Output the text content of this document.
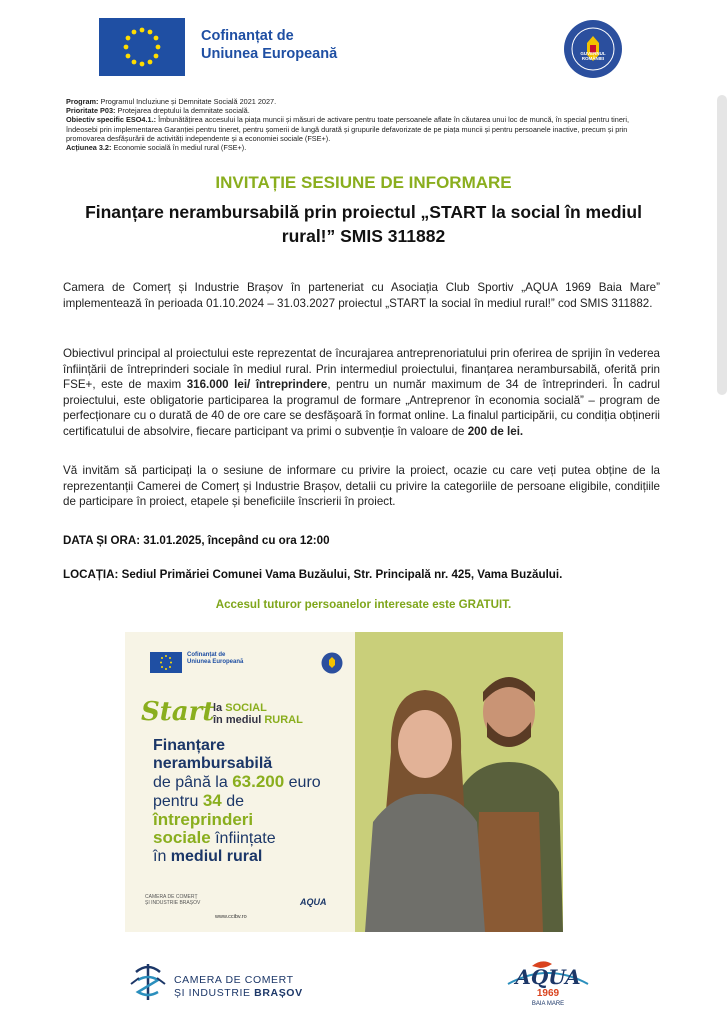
Cofinanțat de
Uniunea Europeană	GUVERNUL ROMÂNIEI
Program: Programul Incluziune și Demnitate Socială 2021 2027.
Prioritate P03: Protejarea dreptului la demnitate socială.
Obiectiv specific ESO4.1.: Îmbunătățirea accesului la piața muncii și măsuri de activare pentru toate persoanele aflate în căutarea unui loc de muncă, în special pentru tineri, îndeosebi prin implementarea Garanției pentru tineret, pentru șomerii de lungă durată și grupurile defavorizate de pe piața muncii și pentru persoanele inactive, precum și prin promovarea desfășurării de activități independente și a economiei sociale (FSE+).
Acțiunea 3.2: Economie socială în mediul rural (FSE+).
INVITAȚIE SESIUNE DE INFORMARE
Finanțare nerambursabilă prin proiectul „START la social în mediul rural!” SMIS 311882
Camera de Comerț și Industrie Brașov în parteneriat cu Asociația Club Sportiv „AQUA 1969 Baia Mare” implementează în perioada 01.10.2024 – 31.03.2027 proiectul „START la social în mediul rural!” cod SMIS 311882.
Obiectivul principal al proiectului este reprezentat de încurajarea antreprenoriatului prin oferirea de sprijin în vederea înființării de întreprinderi sociale în mediul rural. Prin intermediul proiectului, finanțarea nerambursabilă, oferită prin FSE+, este de maxim 316.000 lei/ întreprindere, pentru un număr maximum de 34 de întreprinderi. În cadrul proiectului, este obligatorie participarea la programul de formare „Antreprenor în economia socială” – program de perfecționare cu o durată de 40 de ore care se desfășoară în format online. La finalul participării, cu condiția obținerii certificatului de absolvire, fiecare participant va primi o subvenție în valoare de 200 de lei.
Vă invităm să participați la o sesiune de informare cu privire la proiect, ocazie cu care veți putea obține de la reprezentanții Camerei de Comerț și Industrie Brașov, detalii cu privire la categoriile de persoane eligibile, condițiile de participare în proiect, etapele și beneficiile înscrierii în proiect.
DATA ȘI ORA: 31.01.2025, începând cu ora 12:00
LOCAȚIA: Sediul Primăriei Comunei Vama Buzăului, Str. Principală nr. 425, Vama Buzăului.
Accesul tuturor persoanelor interesate este GRATUIT.
Cofinanțat de
Uniunea Europeană
Start
la SOCIAL
în mediul RURAL
Finanțare
nerambursabilă
de până la 63.200 euro
pentru 34 de
întreprinderi
sociale înființate
în mediul rural
CAMERA DE COMERȚ
ȘI INDUSTRIE BRAȘOV
www.ccibv.ro
AQUA
CAMERA DE COMERT
ȘI INDUSTRIE BRAȘOV
AQUA
1969
BAIA MARE
